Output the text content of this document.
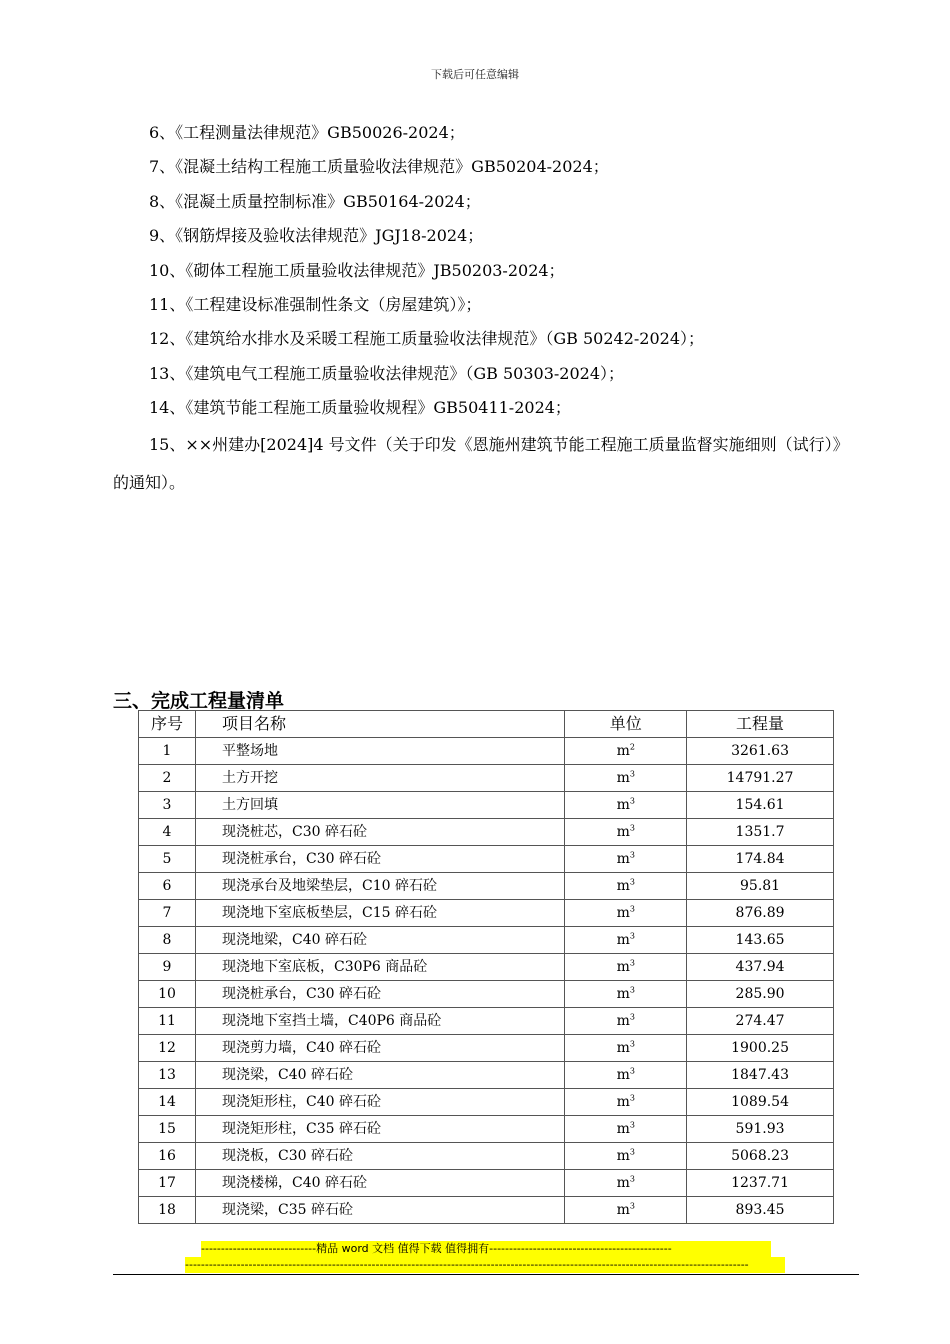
下载后可任意编辑
6、《工程测量法律规范》GB50026-2024；
7、《混凝土结构工程施工质量验收法律规范》GB50204-2024；
8、《混凝土质量控制标准》GB50164-2024；
9、《钢筋焊接及验收法律规范》JGJ18-2024；
10、《砌体工程施工质量验收法律规范》JB50203-2024；
11、《工程建设标准强制性条文（房屋建筑）》；
12、《建筑给水排水及采暖工程施工质量验收法律规范》（GB 50242-2024）；
13、《建筑电气工程施工质量验收法律规范》（GB 50303-2024）；
14、《建筑节能工程施工质量验收规程》GB50411-2024；
15、××州建办[2024]4 号文件（关于印发《恩施州建筑节能工程施工质量监督实施细则（试行）》的通知）。
三、完成工程量清单
序号	项目名称	单位	工程量
1	平整场地	$m^2$	3261.63
2	土方开挖	$m^3$	14791.27
3	土方回填	$m^3$	154.61
4	现浇桩芯，C30 碎石砼	$m^3$	1351.7
5	现浇桩承台，C30 碎石砼	$m^3$	174.84
6	现浇承台及地梁垫层，C10 碎石砼	$m^3$	95.81
7	现浇地下室底板垫层，C15 碎石砼	$m^3$	876.89
8	现浇地梁，C40 碎石砼	$m^3$	143.65
9	现浇地下室底板，C30P6 商品砼	$m^3$	437.94
10	现浇桩承台，C30 碎石砼	$m^3$	285.90
11	现浇地下室挡土墙，C40P6 商品砼	$m^3$	274.47
12	现浇剪力墙，C40 碎石砼	$m^3$	1900.25
13	现浇梁，C40 碎石砼	$m^3$	1847.43
14	现浇矩形柱，C40 碎石砼	$m^3$	1089.54
15	现浇矩形柱，C35 碎石砼	$m^3$	591.93
16	现浇板，C30 碎石砼	$m^3$	5068.23
17	现浇楼梯，C40 碎石砼	$m^3$	1237.71
18	现浇梁，C35 碎石砼	$m^3$	893.45
-----------------------------精品 word 文档 值得下载 值得拥有----------------------------------------------
----------------------------------------------------------------------------------------------------------------------------------------------
